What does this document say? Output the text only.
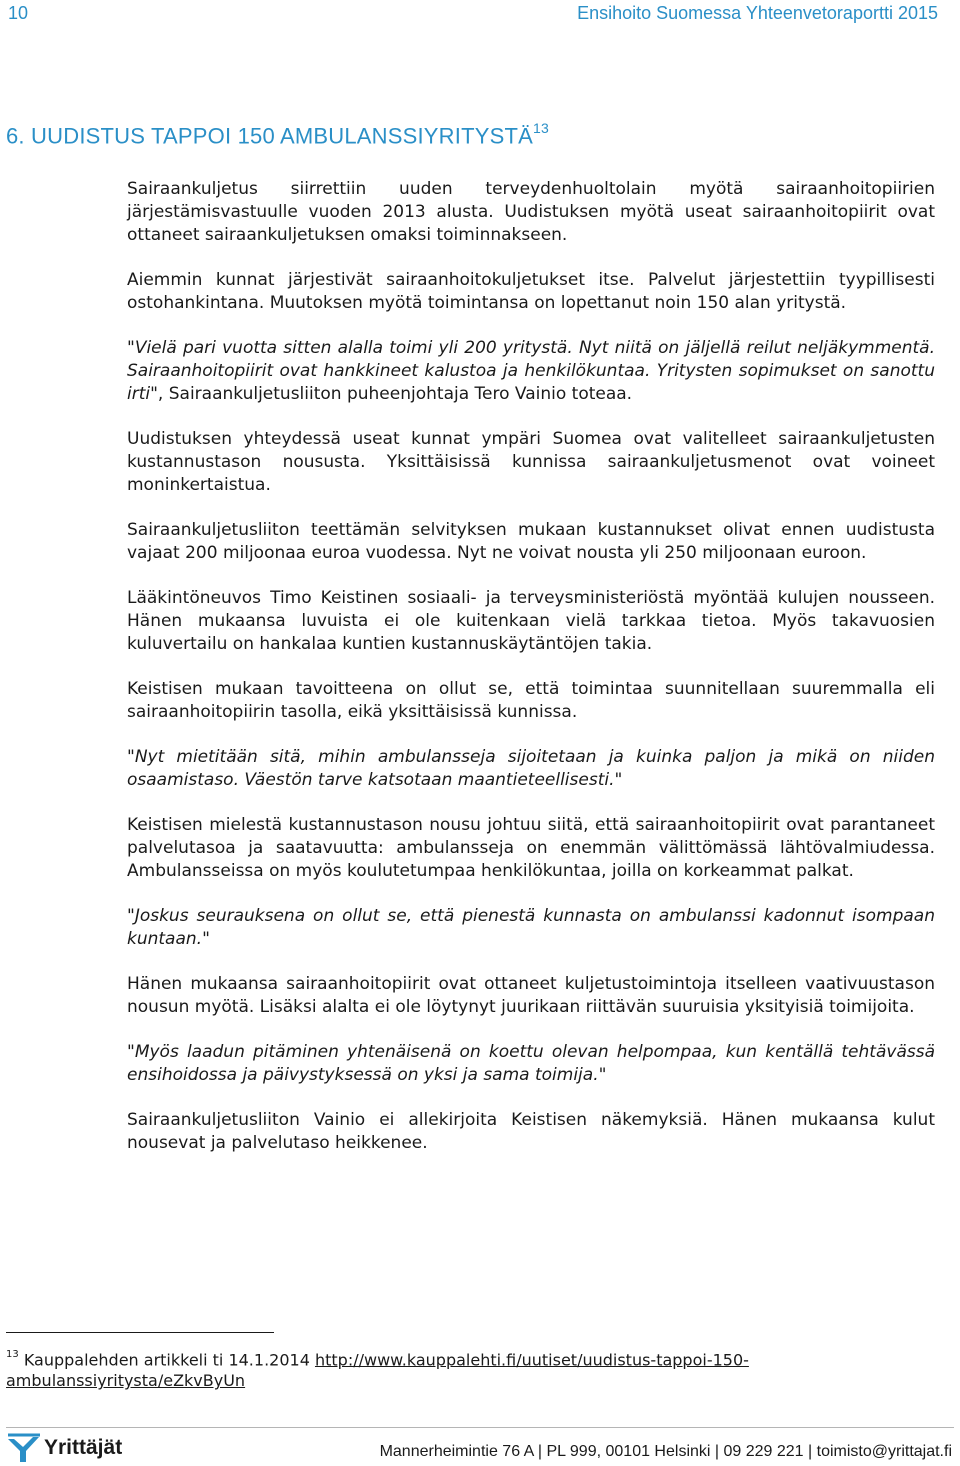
10	Ensihoito Suomessa Yhteenvetoraportti 2015
6. UUDISTUS TAPPOI 150 AMBULANSSIYRITYSTÄ$^{13}$

Sairaankuljetus siirrettiin uuden terveydenhuoltolain myötä sairaanhoitopiirien järjestämisvastuulle vuoden 2013 alusta. Uudistuksen myötä useat sairaanhoitopiirit ovat ottaneet sairaankuljetuksen omaksi toiminnakseen.

Aiemmin kunnat järjestivät sairaanhoitokuljetukset itse. Palvelut järjestettiin tyypillisesti ostohankintana. Muutoksen myötä toimintansa on lopettanut noin 150 alan yritystä.

"Vielä pari vuotta sitten alalla toimi yli 200 yritystä. Nyt niitä on jäljellä reilut neljäkymmentä. Sairaanhoitopiirit ovat hankkineet kalustoa ja henkilökuntaa. Yritysten sopimukset on sanottu irti", Sairaankuljetusliiton puheenjohtaja Tero Vainio toteaa.

Uudistuksen yhteydessä useat kunnat ympäri Suomea ovat valitelleet sairaankuljetusten kustannustason noususta. Yksittäisissä kunnissa sairaankuljetusmenot ovat voineet moninkertaistua.

Sairaankuljetusliiton teettämän selvityksen mukaan kustannukset olivat ennen uudistusta vajaat 200 miljoonaa euroa vuodessa. Nyt ne voivat nousta yli 250 miljoonaan euroon.

Lääkintöneuvos Timo Keistinen sosiaali- ja terveysministeriöstä myöntää kulujen nousseen. Hänen mukaansa luvuista ei ole kuitenkaan vielä tarkkaa tietoa. Myös takavuosien kuluvertailu on hankalaa kuntien kustannuskäytäntöjen takia.

Keistisen mukaan tavoitteena on ollut se, että toimintaa suunnitellaan suuremmalla eli sairaanhoitopiirin tasolla, eikä yksittäisissä kunnissa.

"Nyt mietitään sitä, mihin ambulansseja sijoitetaan ja kuinka paljon ja mikä on niiden osaamistaso. Väestön tarve katsotaan maantieteellisesti."

Keistisen mielestä kustannustason nousu johtuu siitä, että sairaanhoitopiirit ovat parantaneet palvelutasoa ja saatavuutta: ambulansseja on enemmän välittömässä lähtövalmiudessa. Ambulansseissa on myös koulutetumpaa henkilökuntaa, joilla on korkeammat palkat.

"Joskus seurauksena on ollut se, että pienestä kunnasta on ambulanssi kadonnut isompaan kuntaan."

Hänen mukaansa sairaanhoitopiirit ovat ottaneet kuljetustoimintoja itselleen vaativuustason nousun myötä. Lisäksi alalta ei ole löytynyt juurikaan riittävän suuruisia yksityisiä toimijoita.

"Myös laadun pitäminen yhtenäisenä on koettu olevan helpompaa, kun kentällä tehtävässä ensihoidossa ja päivystyksessä on yksi ja sama toimija."

Sairaankuljetusliiton Vainio ei allekirjoita Keistisen näkemyksiä. Hänen mukaansa kulut nousevat ja palvelutaso heikkenee.

$^{13}$ Kauppalehden artikkeli ti 14.1.2014 http://www.kauppalehti.fi/uutiset/uudistus-tappoi-150-ambulanssiyritysta/eZkvByUn
Yrittäjät	Mannerheimintie 76 A | PL 999, 00101 Helsinki | 09 229 221 | toimisto@yrittajat.fi
